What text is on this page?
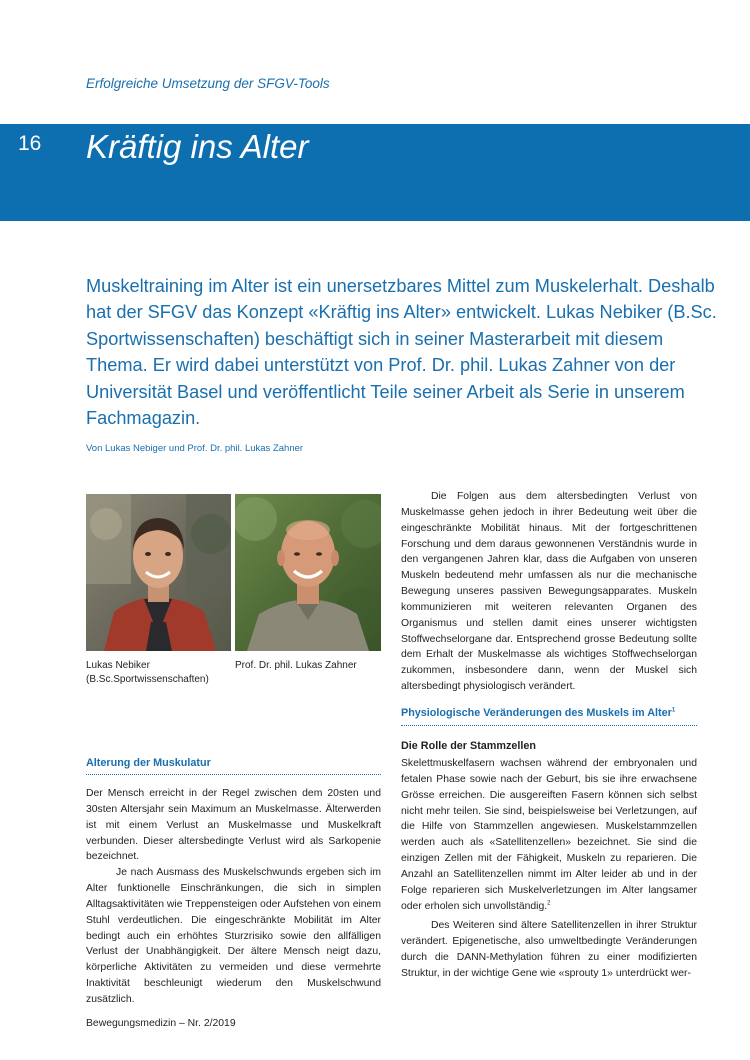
Erfolgreiche Umsetzung der SFGV-Tools
16 Kräftig ins Alter
Muskeltraining im Alter ist ein unersetzbares Mittel zum Muskelerhalt. Deshalb hat der SFGV das Konzept «Kräftig ins Alter» entwickelt. Lukas Nebiker (B.Sc. Sportwissenschaften) beschäftigt sich in seiner Masterarbeit mit diesem Thema. Er wird dabei unterstützt von Prof. Dr. phil. Lukas Zahner von der Universität Basel und veröffentlicht Teile seiner Arbeit als Serie in unserem Fachmagazin.
Von Lukas Nebiger und Prof. Dr. phil. Lukas Zahner
Lukas Nebiker
(B.Sc.Sportwissenschaften)
Prof. Dr. phil. Lukas Zahner
Alterung der Muskulatur

Der Mensch erreicht in der Regel zwischen dem 20sten und 30sten Altersjahr sein Maximum an Muskelmasse. Älterwerden ist mit einem Verlust an Muskelmasse und Muskelkraft verbunden. Dieser altersbedingte Verlust wird als Sarkopenie bezeichnet.

Je nach Ausmass des Muskelschwunds ergeben sich im Alter funktionelle Einschränkungen, die sich in simplen Alltagsaktivitäten wie Treppensteigen oder Aufstehen von einem Stuhl verdeutlichen. Die eingeschränkte Mobilität im Alter bedingt auch ein erhöhtes Sturzrisiko sowie den allfälligen Verlust der Unabhängigkeit. Der ältere Mensch neigt dazu, körperliche Aktivitäten zu vermeiden und diese vermehrte Inaktivität beschleunigt wiederum den Muskelschwund zusätzlich.

Die Folgen aus dem altersbedingten Verlust von Muskelmasse gehen jedoch in ihrer Bedeutung weit über die eingeschränkte Mobilität hinaus. Mit der fortgeschrittenen Forschung und dem daraus gewonnenen Verständnis wurde in den vergangenen Jahren klar, dass die Aufgaben von unseren Muskeln bedeutend mehr umfassen als nur die mechanische Bewegung unseres passiven Bewegungsapparates. Muskeln kommunizieren mit weiteren relevanten Organen des Organismus und stellen damit eines unserer wichtigsten Stoffwechselorgane dar. Entsprechend grosse Bedeutung sollte dem Erhalt der Muskelmasse als wichtiges Stoffwechselorgan zukommen, insbesondere dann, wenn der Muskel sich altersbedingt physiologisch verändert.

Physiologische Veränderungen des Muskels im Alter$^1$
Die Rolle der Stammzellen

Skelettmuskelfasern wachsen während der embryonalen und fetalen Phase sowie nach der Geburt, bis sie ihre erwachsene Grösse erreichen. Die ausgereiften Fasern können sich selbst nicht mehr teilen. Sie sind, beispielsweise bei Verletzungen, auf die Hilfe von Stammzellen angewiesen. Muskelstammzellen werden auch als «Satellitenzellen» bezeichnet. Sie sind die einzigen Zellen mit der Fähigkeit, Muskeln zu reparieren. Die Anzahl an Satellitenzellen nimmt im Alter leider ab und in der Folge reparieren sich Muskelverletzungen im Alter langsamer oder erholen sich unvollständig.$^2$

Des Weiteren sind ältere Satellitenzellen in ihrer Struktur verändert. Epigenetische, also umweltbedingte Veränderungen durch die DANN-Methylation führen zu einer modifizierten Struktur, in der wichtige Gene wie «sprouty 1» unterdrückt wer-

Bewegungsmedizin – Nr. 2/2019
